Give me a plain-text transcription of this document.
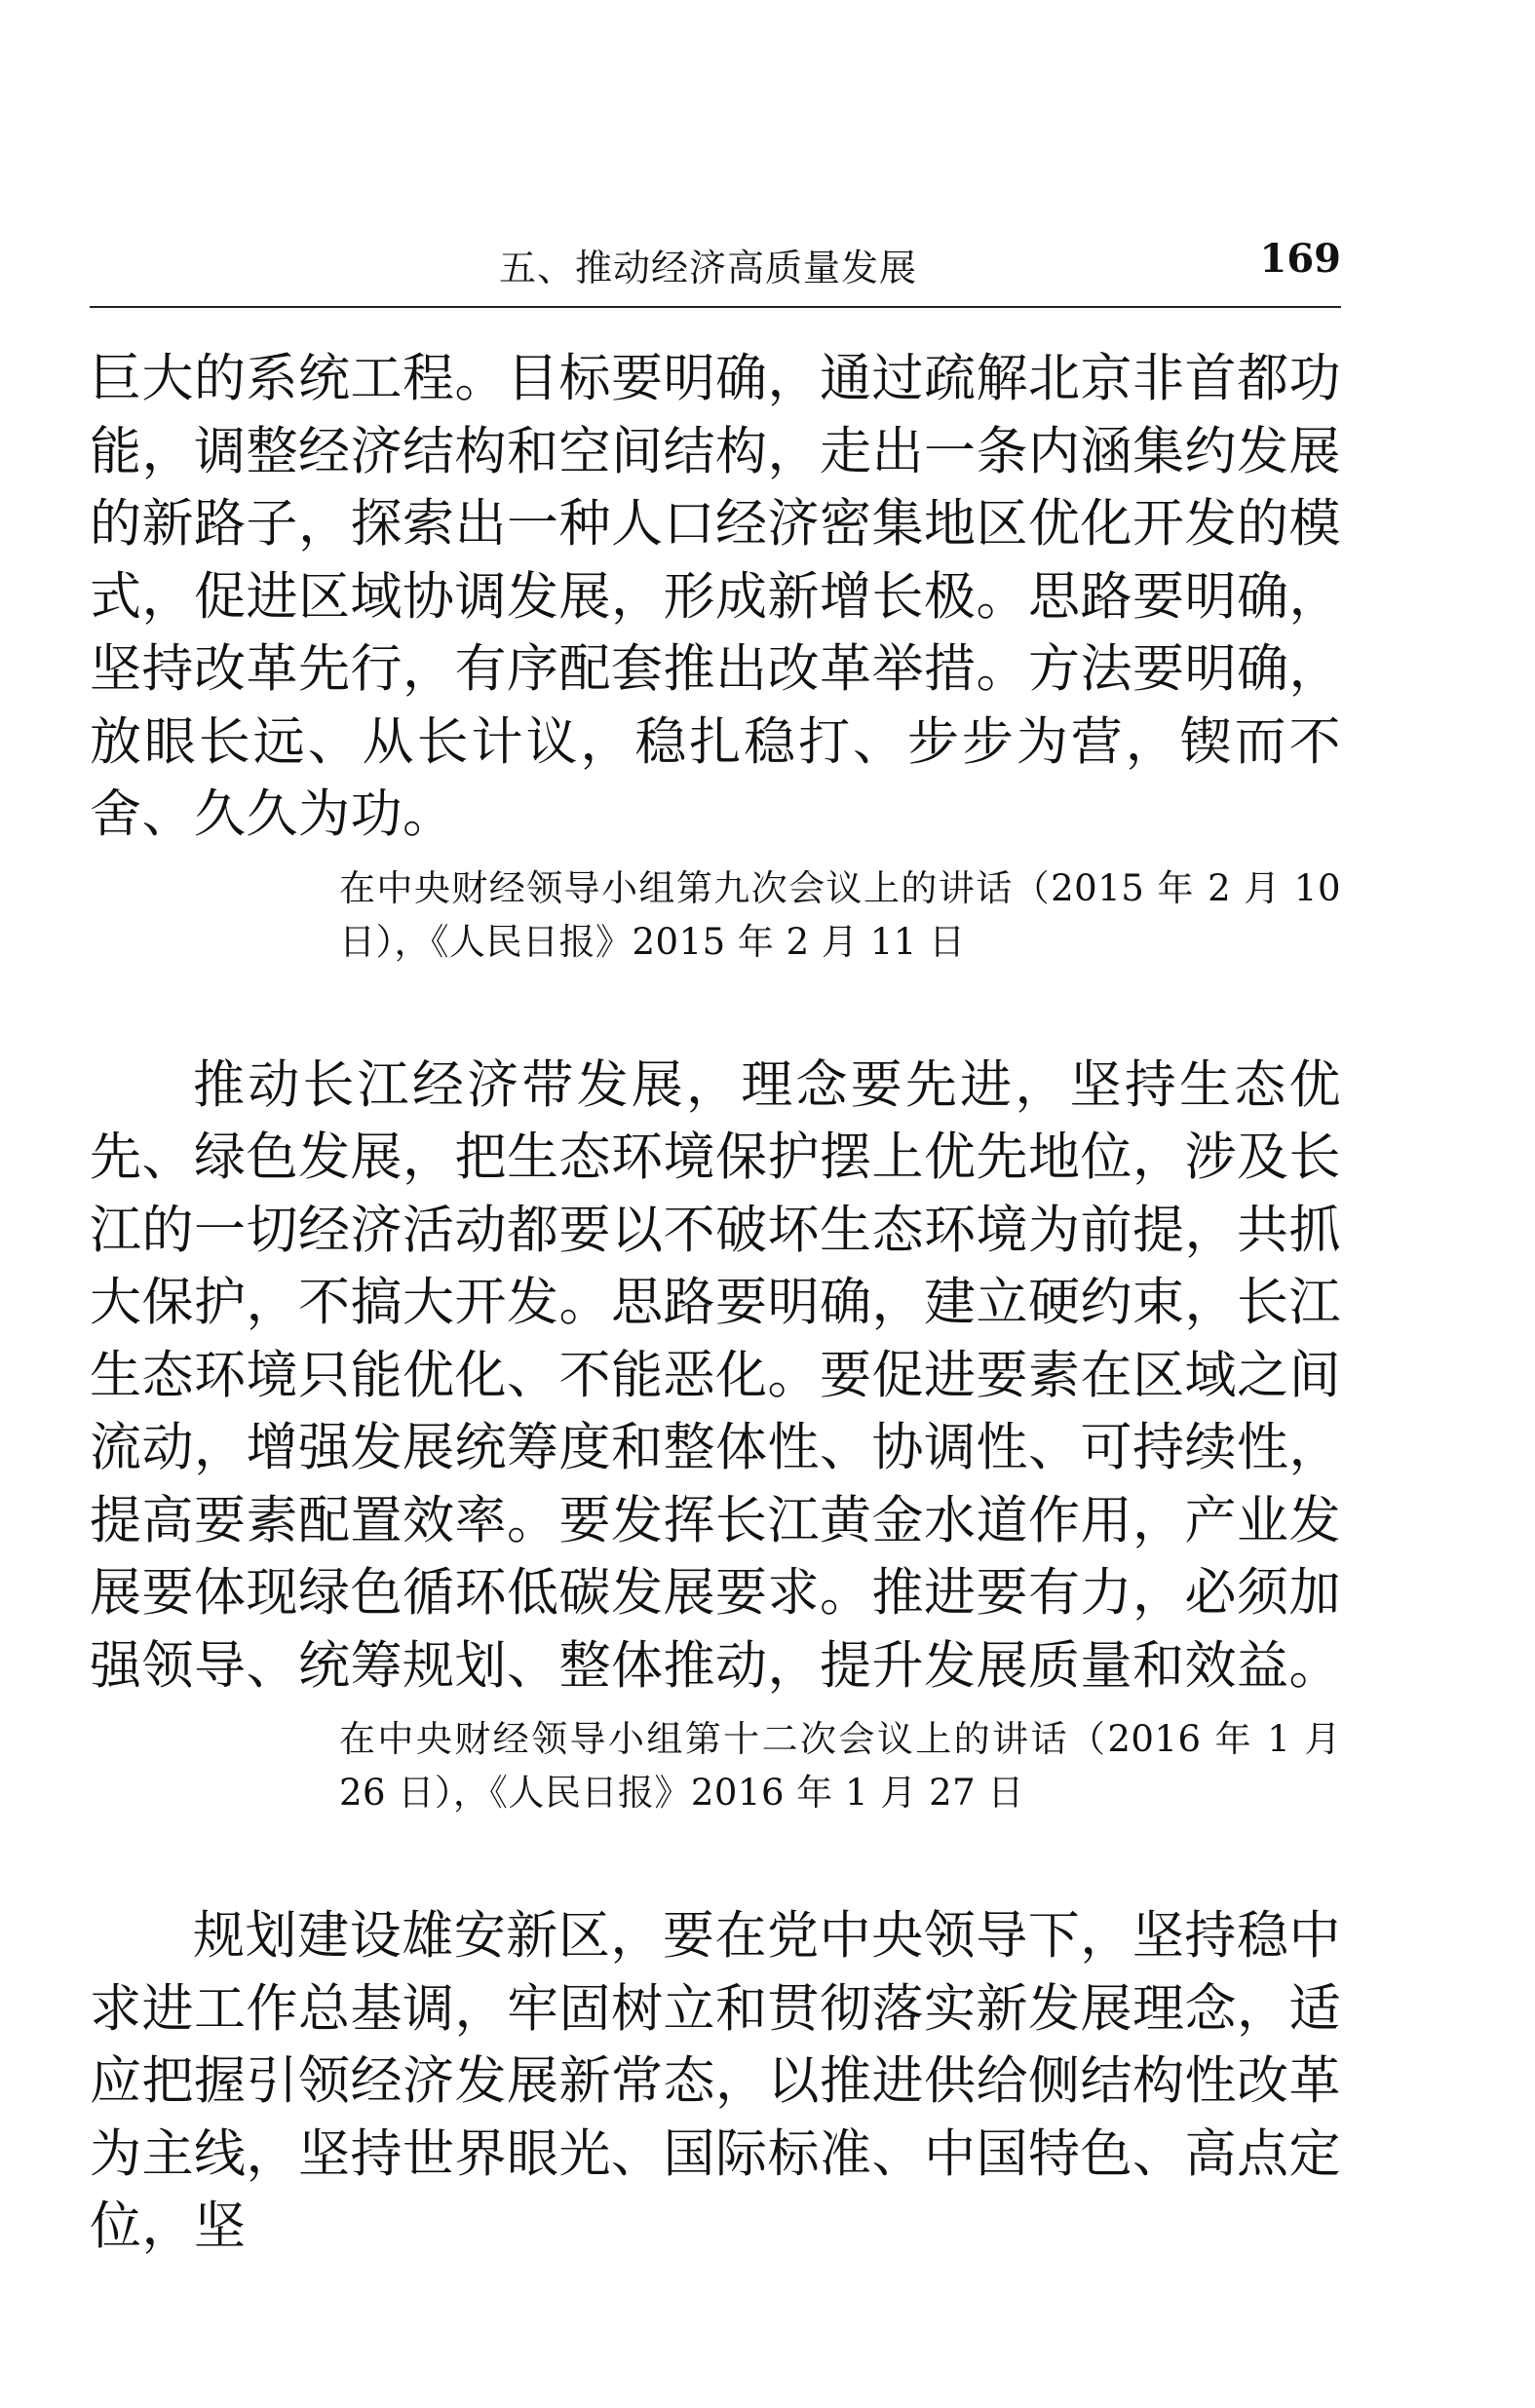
五、推动经济高质量发展	169

巨大的系统工程。目标要明确，通过疏解北京非首都功能，调整经济结构和空间结构，走出一条内涵集约发展的新路子，探索出一种人口经济密集地区优化开发的模式，促进区域协调发展，形成新增长极。思路要明确，坚持改革先行，有序配套推出改革举措。方法要明确，放眼长远、从长计议，稳扎稳打、步步为营，锲而不舍、久久为功。

在中央财经领导小组第九次会议上的讲话（2015 年 2 月 10 日），《人民日报》2015 年 2 月 11 日

推动长江经济带发展，理念要先进，坚持生态优先、绿色发展，把生态环境保护摆上优先地位，涉及长江的一切经济活动都要以不破坏生态环境为前提，共抓大保护，不搞大开发。思路要明确，建立硬约束，长江生态环境只能优化、不能恶化。要促进要素在区域之间流动，增强发展统筹度和整体性、协调性、可持续性，提高要素配置效率。要发挥长江黄金水道作用，产业发展要体现绿色循环低碳发展要求。推进要有力，必须加强领导、统筹规划、整体推动，提升发展质量和效益。

在中央财经领导小组第十二次会议上的讲话（2016 年 1 月 26 日），《人民日报》2016 年 1 月 27 日

规划建设雄安新区，要在党中央领导下，坚持稳中求进工作总基调，牢固树立和贯彻落实新发展理念，适应把握引领经济发展新常态，以推进供给侧结构性改革为主线，坚持世界眼光、国际标准、中国特色、高点定位，坚
